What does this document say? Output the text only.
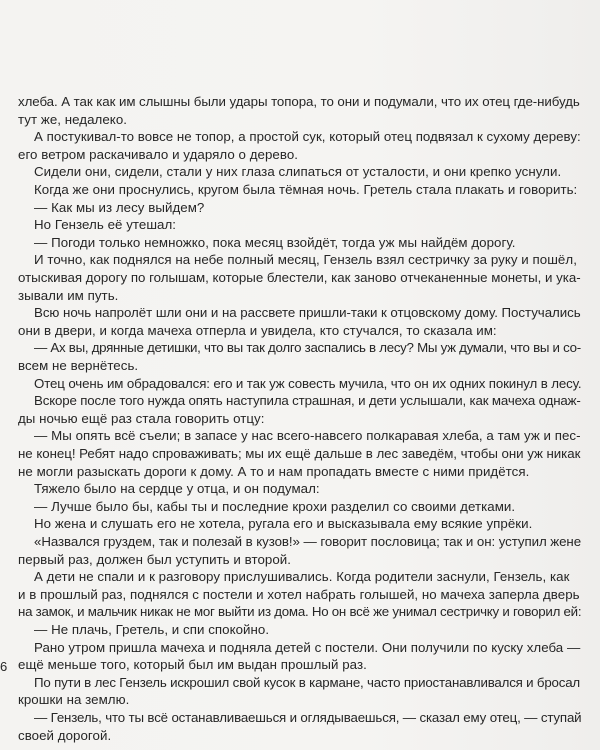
хлеба. А так как им слышны были удары топора, то они и подумали, что их отец где-нибудь
тут же, недалеко.
А постукивал-то вовсе не топор, а простой сук, который отец подвязал к сухому дереву:
его ветром раскачивало и ударяло о дерево.
Сидели они, сидели, стали у них глаза слипаться от усталости, и они крепко уснули.
Когда же они проснулись, кругом была тёмная ночь. Гретель стала плакать и говорить:
— Как мы из лесу выйдем?
Но Гензель её утешал:
— Погоди только немножко, пока месяц взойдёт, тогда уж мы найдём дорогу.
И точно, как поднялся на небе полный месяц, Гензель взял сестричку за руку и пошёл,
отыскивая дорогу по голышам, которые блестели, как заново отчеканенные монеты, и ука-
зывали им путь.
Всю ночь напролёт шли они и на рассвете пришли-таки к отцовскому дому. Постучались
они в двери, и когда мачеха отперла и увидела, кто стучался, то сказала им:
— Ах вы, дрянные детишки, что вы так долго заспались в лесу? Мы уж думали, что вы и со-
всем не вернётесь.
Отец очень им обрадовался: его и так уж совесть мучила, что он их одних покинул в лесу.
Вскоре после того нужда опять наступила страшная, и дети услышали, как мачеха однаж-
ды ночью ещё раз стала говорить отцу:
— Мы опять всё съели; в запасе у нас всего-навсего полкаравая хлеба, а там уж и пес-
не конец! Ребят надо спроваживать; мы их ещё дальше в лес заведём, чтобы они уж никак
не могли разыскать дороги к дому. А то и нам пропадать вместе с ними придётся.
Тяжело было на сердце у отца, и он подумал:
— Лучше было бы, кабы ты и последние крохи разделил со своими детками.
Но жена и слушать его не хотела, ругала его и высказывала ему всякие упрёки.
«Назвался груздем, так и полезай в кузов!» — говорит пословица; так и он: уступил жене
первый раз, должен был уступить и второй.
А дети не спали и к разговору прислушивались. Когда родители заснули, Гензель, как
и в прошлый раз, поднялся с постели и хотел набрать голышей, но мачеха заперла дверь
на замок, и мальчик никак не мог выйти из дома. Но он всё же унимал сестричку и говорил ей:
— Не плачь, Гретель, и спи спокойно.
Рано утром пришла мачеха и подняла детей с постели. Они получили по куску хлеба —
ещё меньше того, который был им выдан прошлый раз.
По пути в лес Гензель искрошил свой кусок в кармане, часто приостанавливался и бросал
крошки на землю.
— Гензель, что ты всё останавливаешься и оглядываешься, — сказал ему отец, — ступай
своей дорогой.
6
